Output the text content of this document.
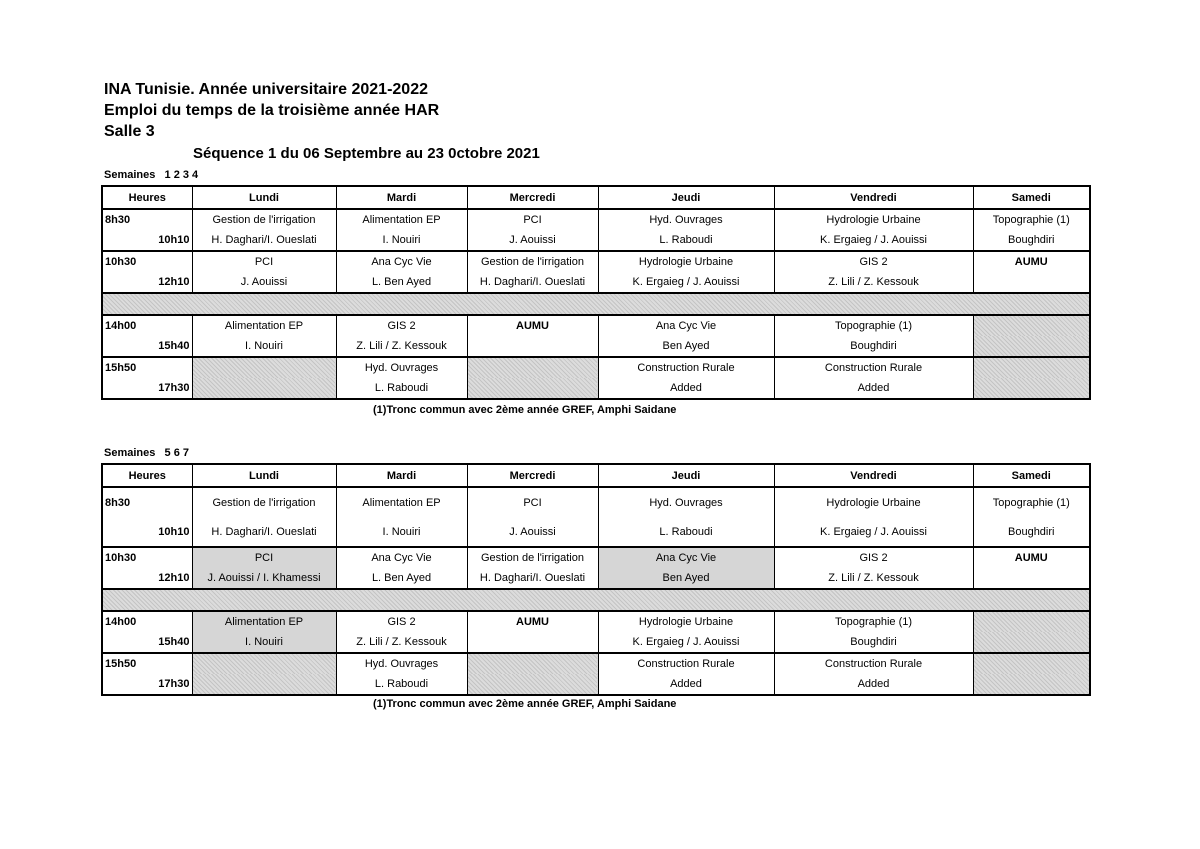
INA Tunisie. Année universitaire 2021-2022
Emploi du temps de la troisième année HAR
Salle 3
Séquence 1 du 06 Septembre au 23 0ctobre 2021
Semaines   1 2 3 4
Semaines   5 6 7
Heures	Lundi	Mardi	Mercredi	Jeudi	Vendredi	Samedi
8h30	Gestion de l'irrigation	Alimentation EP	PCI	Hyd. Ouvrages	Hydrologie Urbaine	Topographie (1)
10h10	H. Daghari/I. Oueslati	I. Nouiri	J. Aouissi	L. Raboudi	K. Ergaieg / J. Aouissi	Boughdiri
10h30	PCI	Ana Cyc Vie	Gestion de l'irrigation	Hydrologie Urbaine	GIS 2	AUMU
12h10	J. Aouissi	L. Ben Ayed	H. Daghari/I. Oueslati	K. Ergaieg / J. Aouissi	Z. Lili / Z. Kessouk	

14h00	Alimentation EP	GIS 2	AUMU	Ana Cyc Vie	Topographie (1)	
15h40	I. Nouiri	Z. Lili / Z. Kessouk		Ben Ayed	Boughdiri	
15h50		Hyd. Ouvrages		Construction Rurale	Construction Rurale	
17h30		L. Raboudi		Added	Added	
Heures	Lundi	Mardi	Mercredi	Jeudi	Vendredi	Samedi
8h30	Gestion de l'irrigation	Alimentation EP	PCI	Hyd. Ouvrages	Hydrologie Urbaine	Topographie (1)
10h10	H. Daghari/I. Oueslati	I. Nouiri	J. Aouissi	L. Raboudi	K. Ergaieg / J. Aouissi	Boughdiri
10h30	PCI	Ana Cyc Vie	Gestion de l'irrigation	Ana Cyc Vie	GIS 2	AUMU
12h10	J. Aouissi / I. Khamessi	L. Ben Ayed	H. Daghari/I. Oueslati	Ben Ayed	Z. Lili / Z. Kessouk	

14h00	Alimentation EP	GIS 2	AUMU	Hydrologie Urbaine	Topographie (1)	
15h40	I. Nouiri	Z. Lili / Z. Kessouk		K. Ergaieg / J. Aouissi	Boughdiri	
15h50		Hyd. Ouvrages		Construction Rurale	Construction Rurale	
17h30		L. Raboudi		Added	Added	
(1)Tronc commun avec 2ème année GREF, Amphi Saidane
(1)Tronc commun avec 2ème année GREF, Amphi Saidane
